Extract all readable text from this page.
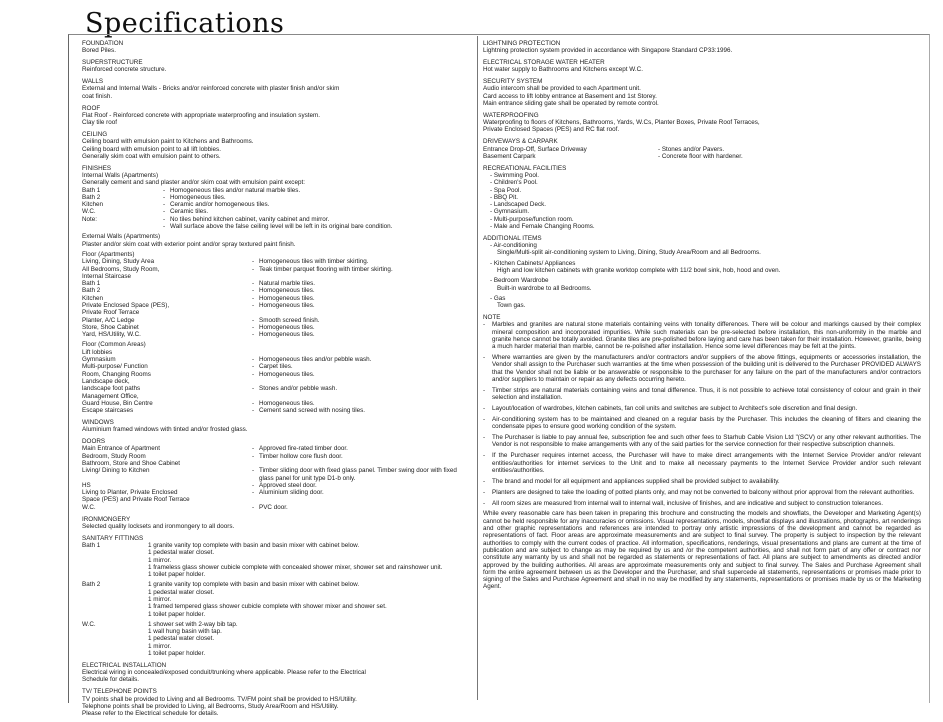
Specifications
FOUNDATION
Bored Piles.
SUPERSTRUCTURE
Reinforced concrete structure.
WALLS
External and Internal Walls - Bricks and/or reinforced concrete with plaster finish and/or skim
coat finish.
ROOF
Flat Roof - Reinforced concrete with appropriate waterproofing and insulation system.
Clay tile roof
CEILING
Ceiling board with emulsion paint to Kitchens and Bathrooms.
Ceiling board with emulsion point to all lift lobbies.
Generally skim coat with emulsion paint to others.
FINISHES
Internal Walls (Apartments)
Generally cement and sand plaster and/or skim coat with emulsion paint except:
Bath 1	- Homogeneous tiles and/or natural marble tiles.
Bath 2	- Homogeneous tiles.
Kitchen	- Ceramic and/or homogeneous tiles.
W.C.	- Ceramic tiles.
Note:	- No tiles behind kitchen cabinet, vanity cabinet and mirror.
- Wall surface above the false ceiling level will be left in its original bare condition.
External Walls (Apartments)
Plaster and/or skim coat with exterior point and/or spray textured paint finish.
Floor (Apartments)
Living, Dining, Study Area	- Homogeneous tiles with timber skirting.
All Bedrooms, Study Room,	- Teak timber parquet flooring with timber skirting.
Internal Staircase
Bath 1	- Natural marble tiles.
Bath 2	- Homogeneous tiles.
Kitchen	- Homogeneous tiles.
Private Enclosed Space (PES),	- Homogeneous tiles.
Private Roof Terrace
Planter, A/C Ledge	- Smooth screed finish.
Store, Shoe Cabinet	- Homogeneous tiles.
Yard, HS/Utility, W.C.	- Homogeneous tiles.
Floor (Common Areas)
Lift lobbies
Gymnasium	- Homogeneous tiles and/or pebble wash.
Multi-purpose/ Function	- Carpet tiles.
Room, Changing Rooms	- Homogeneous tiles.
Landscape deck,
landscape foot paths	- Stones and/or pebble wash.
Management Office,
Guard House, Bin Centre	- Homogeneous tiles.
Escape staircases	- Cement sand screed with nosing tiles.
WINDOWS
Aluminium framed windows with tinted and/or frosted glass.
DOORS
Main Entrance of Apartment	- Approved fire-rated timber door.
Bedroom, Study Room	- Timber hollow core flush door.
Bathroom, Store and Shoe Cabinet
Living/ Dining to Kitchen	- Timber sliding door with fixed glass panel. Timber swing door with fixed glass panel for unit type D1-b only.
HS	- Approved steel door.
Living to Planter, Private Enclosed	- Aluminium sliding door.
Space (PES) and Private Roof Terrace
W.C.	- PVC door.
IRONMONGERY
Selected quality locksets and ironmongery to all doors.
SANITARY FITTINGS
Bath 1	1 granite vanity top complete with basin and basin mixer with cabinet below.
1 pedestal water closet.
1 mirror.
1 frameless glass shower cubicle complete with concealed shower mixer, shower set and rainshower unit.
1 toilet paper holder.
Bath 2	1 granite vanity top complete with basin and basin mixer with cabinet below.
1 pedestal water closet.
1 mirror.
1 framed tempered glass shower cubicle complete with shower mixer and shower set.
1 toilet paper holder.
W.C.	1 shower set with 2-way bib tap.
1 wall hung basin with tap.
1 pedestal water closet.
1 mirror.
1 toilet paper holder.
ELECTRICAL INSTALLATION
Electrical wiring in concealed/exposed conduit/trunking where applicable. Please refer to the Electrical
Schedule for details.
TV/ TELEPHONE POINTS
TV points shall be provided to Living and all Bedrooms. TV/FM point shall be provided to HS/Utility.
Telephone points shall be provided to Living, all Bedrooms, Study Area/Room and HS/Utility.
Please refer to the Electrical schedule for details.
LIGHTNING PROTECTION
Lightning protection system provided in accordance with Singapore Standard CP33:1996.
ELECTRICAL STORAGE WATER HEATER
Hot water supply to Bathrooms and Kitchens except W.C.
SECURITY SYSTEM
Audio intercom shall be provided to each Apartment unit.
Card access to lift lobby entrance at Basement and 1st Storey.
Main entrance sliding gate shall be operated by remote control.
WATERPROOFING
Waterproofing to floors of Kitchens, Bathrooms, Yards, W.Cs, Planter Boxes, Private Roof Terraces,
Private Enclosed Spaces (PES) and RC flat roof.
DRIVEWAYS & CARPARK
Entrance Drop-Off, Surface Driveway	- Stones and/or Pavers.
Basement Carpark	- Concrete floor with hardener.
RECREATIONAL FACILITIES
- Swimming Pool.
- Children's Pool.
- Spa Pool.
- BBQ Pit.
- Landscaped Deck.
- Gymnasium.
- Multi-purpose/function room.
- Male and Female Changing Rooms.
ADDITIONAL ITEMS
- Air-conditioning
Single/Multi-split air-conditioning system to Living, Dining, Study Area/Room and all Bedrooms.
- Kitchen Cabinets/ Appliances
High and low kitchen cabinets with granite worktop complete with 11/2 bowl sink, hob, hood and oven.
- Bedroom Wardrobe
Built-in wardrobe to all Bedrooms.
- Gas
Town gas.
NOTE
-	Marbles and granites are natural stone materials containing veins with tonality differences. There will be colour and markings caused by their complex mineral composition and incorporated impurities. While such materials can be pre-selected before installation, this non-uniformity in the marble and granite hence cannot be totally avoided. Granite tiles are pre-polished before laying and care has been taken for their installation. However, granite, being a much harder material than marble, cannot be re-polished after installation. Hence some level differences may be felt at the joints.
-	Where warranties are given by the manufacturers and/or contractors and/or suppliers of the above fittings, equipments or accessories installation, the Vendor shall assign to the Purchaser such warranties at the time when possession of the building unit is delivered to the Purchaser PROVIDED ALWAYS that the Vendor shall not be liable or be answerable or responsible to the purchaser for any failure on the part of the manufacturers and/or contractors and/or suppliers to maintain or repair as any defects occurring hereto.
-	Timber strips are natural materials containing veins and tonal difference. Thus, it is not possible to achieve total consistency of colour and grain in their selection and installation.
-	Layout/location of wardrobes, kitchen cabinets, fan coil units and switches are subject to Architect's sole discretion and final design.
-	Air-conditioning system has to be maintained and cleaned on a regular basis by the Purchaser. This includes the cleaning of filters and cleaning the condensate pipes to ensure good working condition of the system.
-	The Purchaser is liable to pay annual fee, subscription fee and such other fees to Starhub Cable Vision Ltd "(SCV) or any other relevant authorities. The Vendor is not responsible to make arrangements with any of the said parties for the service connection for their respective subscription channels.
-	If the Purchaser requires internet access, the Purchaser will have to make direct arrangements with the Internet Service Provider and/or relevant entities/authorities for internet services to the Unit and to make all necessary payments to the Internet Service Provider and/or such relevant entities/authorities.
-	The brand and model for all equipment and appliances supplied shall be provided subject to availability.
-	Planters are designed to take the loading of potted plants only, and may not be converted to balcony without prior approval from the relevant authorities.
-	All room sizes are measured from internal wall to internal wall, inclusive of finishes, and are indicative and subject to construction tolerances.
While every reasonable care has been taken in preparing this brochure and constructing the models and showflats, the Developer and Marketing Agent(s) cannot be held responsible for any inaccuracies or omissions. Visual representations, models, showflat displays and illustrations, photographs, art renderings and other graphic representations and references are intended to portray only artistic impressions of the development and cannot be regarded as representations of fact. Floor areas are approximate measurements and are subject to final survey. The property is subject to inspection by the relevant authorities to comply with the current codes of practice. All information, specifications, renderings, visual presentations and plans are current at the time of publication and are subject to change as may be required by us and /or the competent authorities, and shall not form part of any offer or contract nor constitute any warranty by us and shall not be regarded as statements or representations of fact. All plans are subject to amendments as directed and/or approved by the building authorities. All areas are approximate measurements only and subject to final survey. The Sales and Purchase Agreement shall form the entire agreement between us as the Developer and the Purchaser, and shall supercede all statements, representations or promises made prior to signing of the Sales and Purchase Agreement and shall in no way be modified by any statements, representations or promises made by us or the Marketing Agent.
